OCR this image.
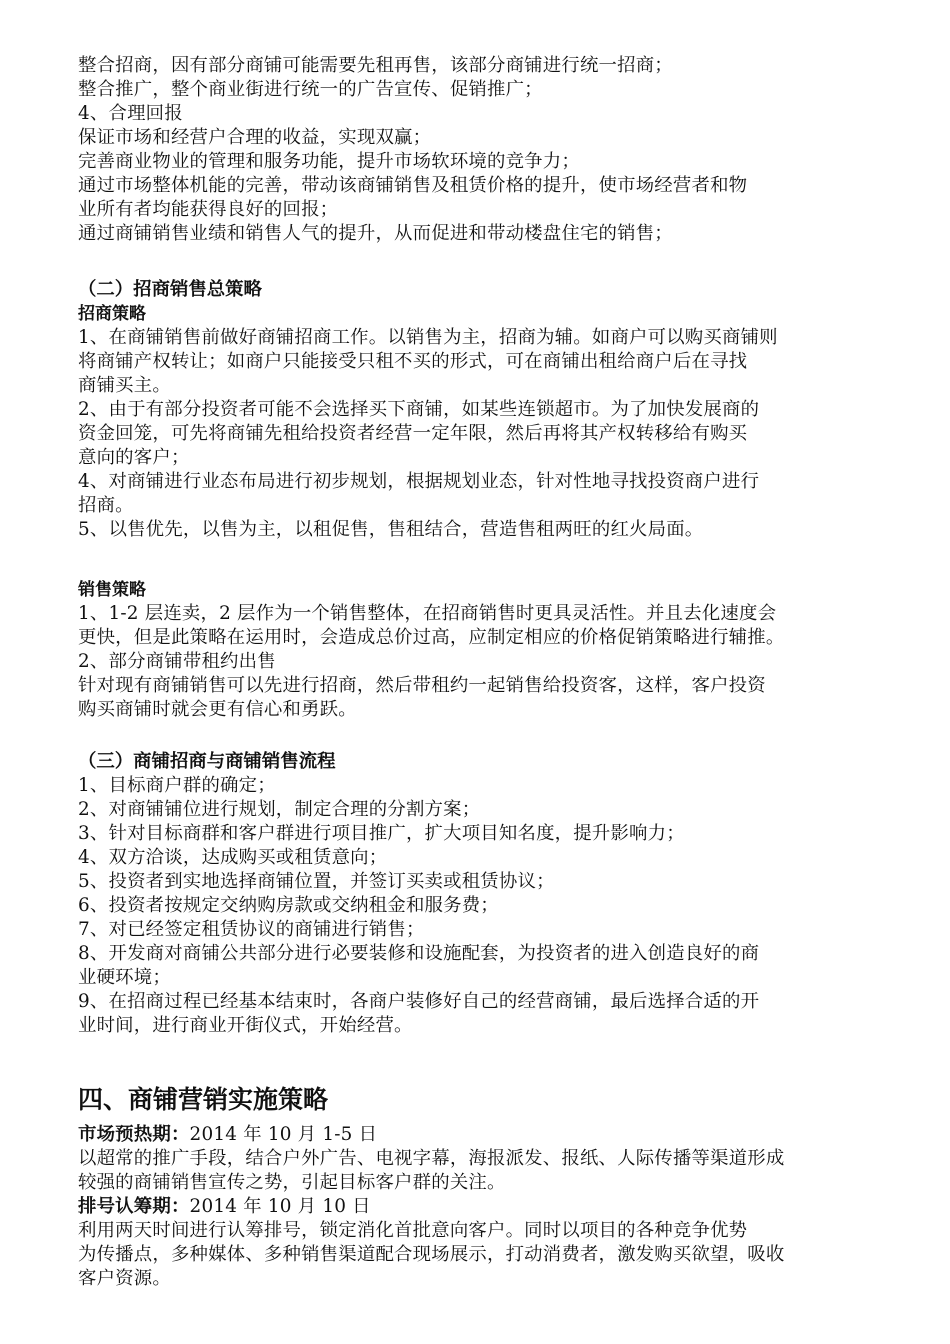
整合招商，因有部分商铺可能需要先租再售，该部分商铺进行统一招商；

整合推广，整个商业街进行统一的广告宣传、促销推广；

4、合理回报

保证市场和经营户合理的收益，实现双赢；

完善商业物业的管理和服务功能，提升市场软环境的竞争力；

通过市场整体机能的完善，带动该商铺销售及租赁价格的提升，使市场经营者和物

业所有者均能获得良好的回报；

通过商铺销售业绩和销售人气的提升，从而促进和带动楼盘住宅的销售；

（二）招商销售总策略
招商策略

1、在商铺销售前做好商铺招商工作。以销售为主，招商为辅。如商户可以购买商铺则

将商铺产权转让；如商户只能接受只租不买的形式，可在商铺出租给商户后在寻找

商铺买主。

2、由于有部分投资者可能不会选择买下商铺，如某些连锁超市。为了加快发展商的

资金回笼，可先将商铺先租给投资者经营一定年限，然后再将其产权转移给有购买

意向的客户；

4、对商铺进行业态布局进行初步规划，根据规划业态，针对性地寻找投资商户进行

招商。

5、以售优先，以售为主，以租促售，售租结合，营造售租两旺的红火局面。

销售策略

1、1-2 层连卖，2 层作为一个销售整体，在招商销售时更具灵活性。并且去化速度会

更快，但是此策略在运用时，会造成总价过高，应制定相应的价格促销策略进行辅推。

2、部分商铺带租约出售

针对现有商铺销售可以先进行招商，然后带租约一起销售给投资客，这样，客户投资

购买商铺时就会更有信心和勇跃。

（三）商铺招商与商铺销售流程

1、目标商户群的确定；

2、对商铺铺位进行规划，制定合理的分割方案；

3、针对目标商群和客户群进行项目推广，扩大项目知名度，提升影响力；

4、双方洽谈，达成购买或租赁意向；

5、投资者到实地选择商铺位置，并签订买卖或租赁协议；

6、投资者按规定交纳购房款或交纳租金和服务费；

7、对已经签定租赁协议的商铺进行销售；

8、开发商对商铺公共部分进行必要装修和设施配套，为投资者的进入创造良好的商

业硬环境；

9、在招商过程已经基本结束时，各商户装修好自己的经营商铺，最后选择合适的开

业时间，进行商业开街仪式，开始经营。

四、商铺营销实施策略

市场预热期：2014 年 10 月 1-5 日

以超常的推广手段，结合户外广告、电视字幕，海报派发、报纸、人际传播等渠道形成

较强的商铺销售宣传之势，引起目标客户群的关注。

排号认筹期：2014 年 10 月 10 日

利用两天时间进行认筹排号，锁定消化首批意向客户。同时以项目的各种竞争优势

为传播点，多种媒体、多种销售渠道配合现场展示，打动消费者，激发购买欲望，吸收

客户资源。
